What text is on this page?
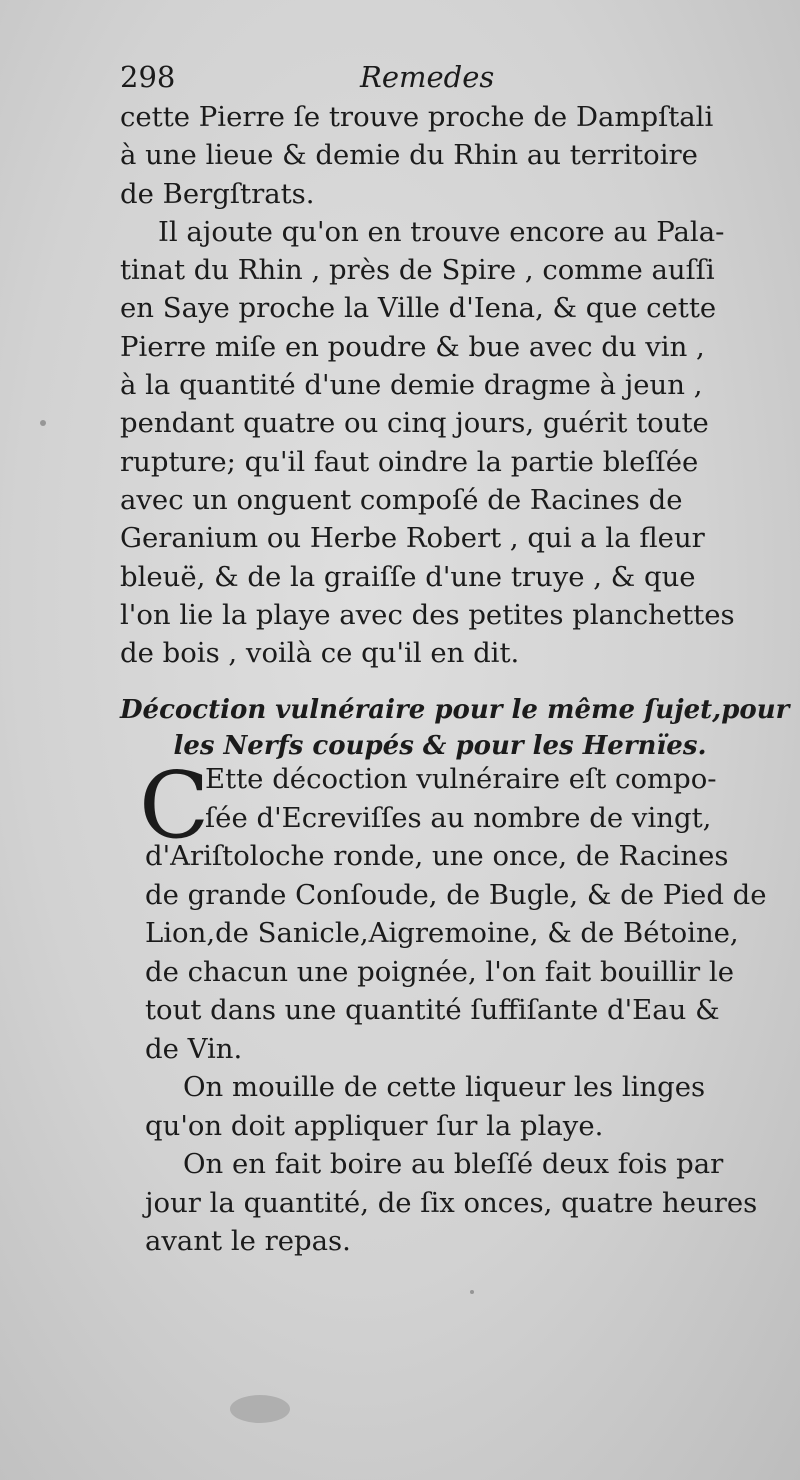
298	Remedes
cette Pierre ſe trouve proche de Dampſtali
à une lieue & demie du Rhin au territoire
de Bergſtrats.
Il ajoute qu'on en trouve encore au Pala-
tinat du Rhin , près de Spire , comme auſſi
en Saye proche la Ville d'Iena, & que cette
Pierre miſe en poudre & bue avec du vin ,
à la quantité d'une demie dragme à jeun ,
pendant quatre ou cinq jours, guérit toute
rupture; qu'il faut oindre la partie bleſſée
avec un onguent compoſé de Racines de
Geranium ou Herbe Robert , qui a la fleur
bleuë, & de la graiſſe d'une truye , & que
l'on lie la playe avec des petites planchettes
de bois , voilà ce qu'il en dit.
Décoction vulnéraire pour le même ſujet,pour
les Nerfs coupés & pour les Hernïes.
C
Ette décoction vulnéraire eſt compo-
ſée d'Ecreviſſes au nombre de vingt,
d'Ariſtoloche ronde, une once, de Racines
de grande Conſoude, de Bugle, & de Pied de
Lion,de Sanicle,Aigremoine, & de Bétoine,
de chacun une poignée, l'on fait bouillir le
tout dans une quantité ſuffiſante d'Eau &
de Vin.
On mouille de cette liqueur les linges
qu'on doit appliquer ſur la playe.
On en fait boire au bleſſé deux fois par
jour la quantité, de ſix onces, quatre heures
avant le repas.
